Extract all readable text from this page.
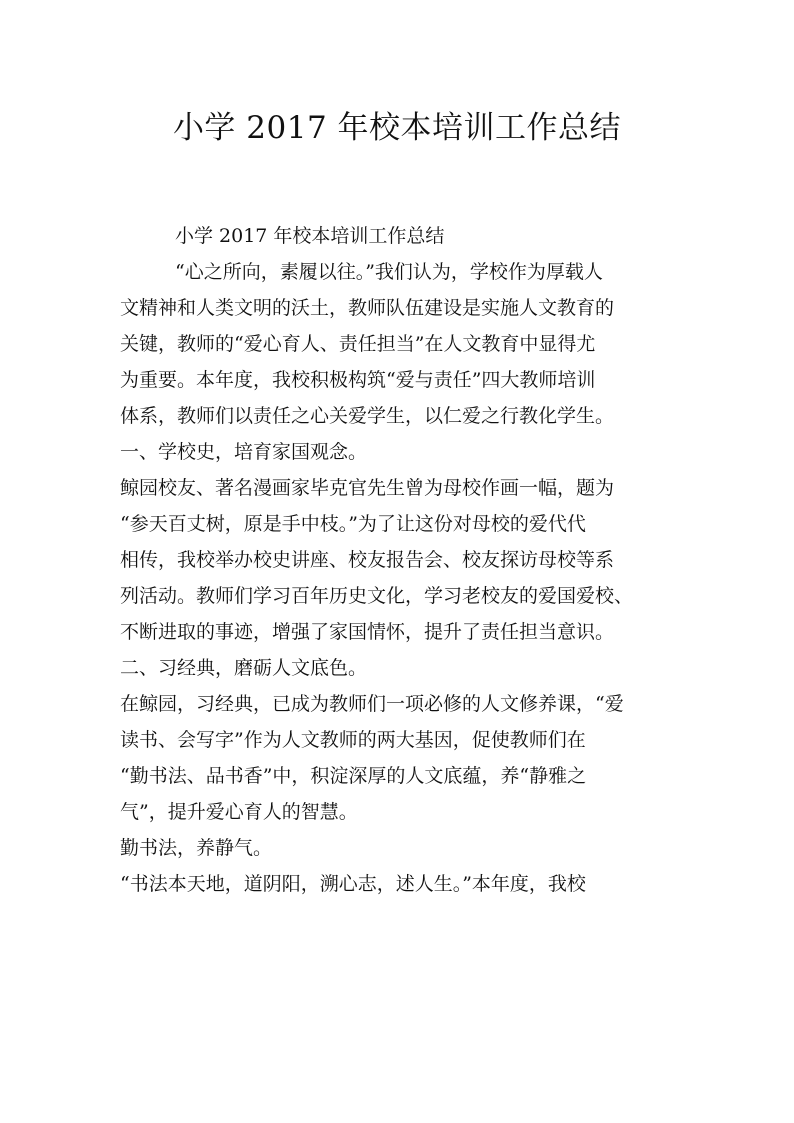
小学 2017 年校本培训工作总结

小学 2017 年校本培训工作总结

“心之所向，素履以往。”我们认为，学校作为厚载人

文精神和人类文明的沃土，教师队伍建设是实施人文教育的

关键，教师的“爱心育人、责任担当”在人文教育中显得尤

为重要。本年度，我校积极构筑“爱与责任”四大教师培训

体系，教师们以责任之心关爱学生，以仁爱之行教化学生。

一、学校史，培育家国观念。

鲸园校友、著名漫画家毕克官先生曾为母校作画一幅，题为

“参天百丈树，原是手中枝。”为了让这份对母校的爱代代

相传，我校举办校史讲座、校友报告会、校友探访母校等系

列活动。教师们学习百年历史文化，学习老校友的爱国爱校、

不断进取的事迹，增强了家国情怀，提升了责任担当意识。

二、习经典，磨砺人文底色。

在鲸园，习经典，已成为教师们一项必修的人文修养课，“爱

读书、会写字”作为人文教师的两大基因，促使教师们在

“勤书法、品书香”中，积淀深厚的人文底蕴，养“静雅之

气”，提升爱心育人的智慧。

勤书法，养静气。

“书法本天地，道阴阳，溯心志，述人生。”本年度，我校
